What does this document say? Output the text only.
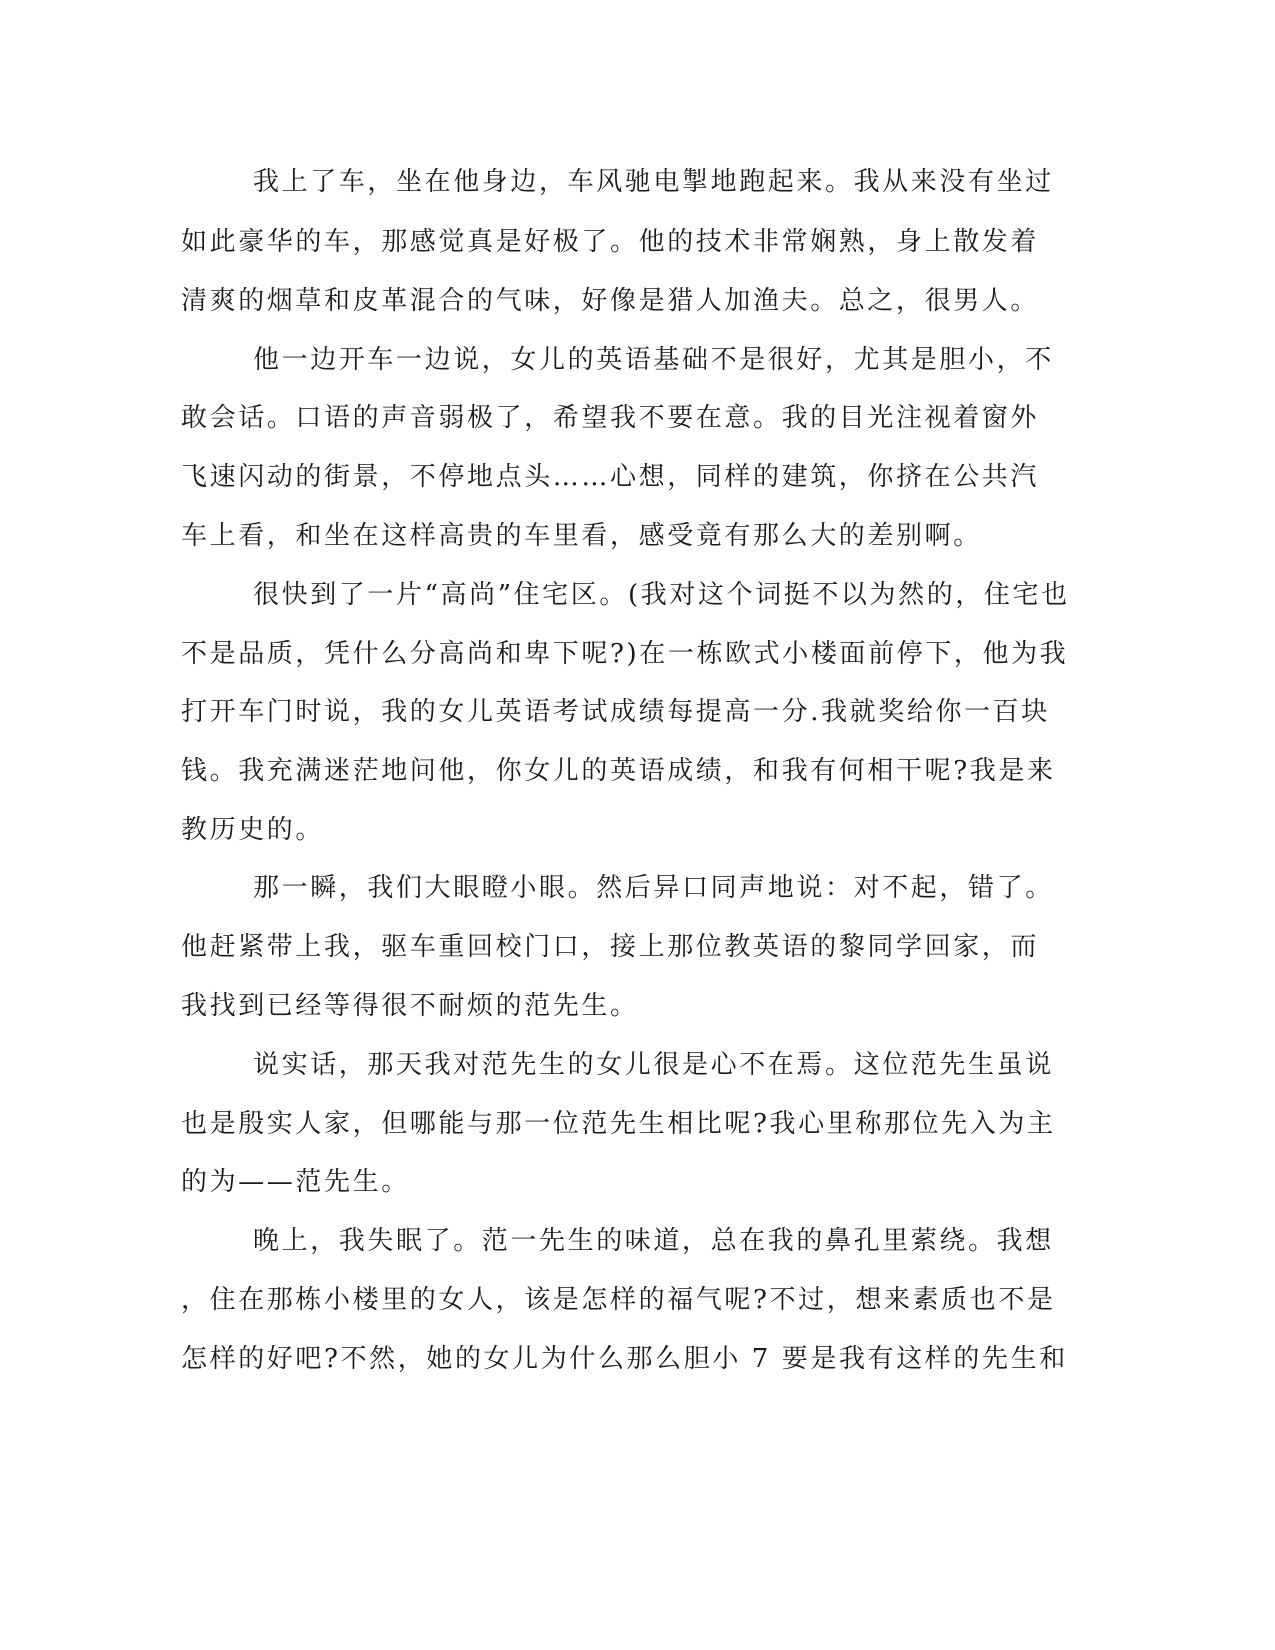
我上了车，坐在他身边，车风驰电掣地跑起来。我从来没有坐过
如此豪华的车，那感觉真是好极了。他的技术非常娴熟，身上散发着
清爽的烟草和皮革混合的气味，好像是猎人加渔夫。总之，很男人。
他一边开车一边说，女儿的英语基础不是很好，尤其是胆小，不
敢会话。口语的声音弱极了，希望我不要在意。我的目光注视着窗外
飞速闪动的街景，不停地点头……心想，同样的建筑，你挤在公共汽
车上看，和坐在这样高贵的车里看，感受竟有那么大的差别啊。
很快到了一片“高尚”住宅区。(我对这个词挺不以为然的，住宅也
不是品质，凭什么分高尚和卑下呢?)在一栋欧式小楼面前停下，他为我
打开车门时说，我的女儿英语考试成绩每提高一分.我就奖给你一百块
钱。我充满迷茫地问他，你女儿的英语成绩，和我有何相干呢?我是来
教历史的。
那一瞬，我们大眼瞪小眼。然后异口同声地说：对不起，错了。
他赶紧带上我，驱车重回校门口，接上那位教英语的黎同学回家，而
我找到已经等得很不耐烦的范先生。
说实话，那天我对范先生的女儿很是心不在焉。这位范先生虽说
也是殷实人家，但哪能与那一位范先生相比呢?我心里称那位先入为主
的为——范先生。
晚上，我失眠了。范一先生的味道，总在我的鼻孔里萦绕。我想
，住在那栋小楼里的女人，该是怎样的福气呢?不过，想来素质也不是
怎样的好吧?不然，她的女儿为什么那么胆小 7 要是我有这样的先生和
